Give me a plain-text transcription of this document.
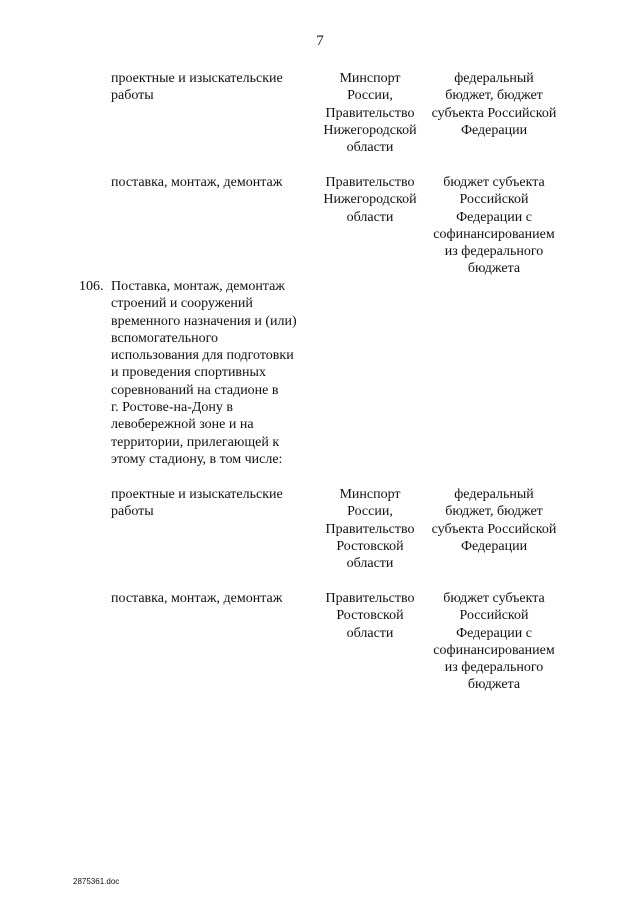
7
проектные и изыскательские
работы
Минспорт
России,
Правительство
Нижегородской
области
федеральный
бюджет, бюджет
субъекта Российской
Федерации
поставка, монтаж, демонтаж	Правительство
Нижегородской
области
бюджет субъекта
Российской
Федерации с
софинансированием
из федерального
бюджета
106. Поставка, монтаж, демонтаж
строений и сооружений
временного назначения и (или)
вспомогательного
использования для подготовки
и проведения спортивных
соревнований на стадионе в
г. Ростове-на-Дону в
левобережной зоне и на
территории, прилегающей к
этому стадиону, в том числе:
проектные и изыскательские
работы
Минспорт
России,
Правительство
Ростовской
области
федеральный
бюджет, бюджет
субъекта Российской
Федерации
поставка, монтаж, демонтаж	Правительство
Ростовской
области
бюджет субъекта
Российской
Федерации с
софинансированием
из федерального
бюджета
2875361.doc
